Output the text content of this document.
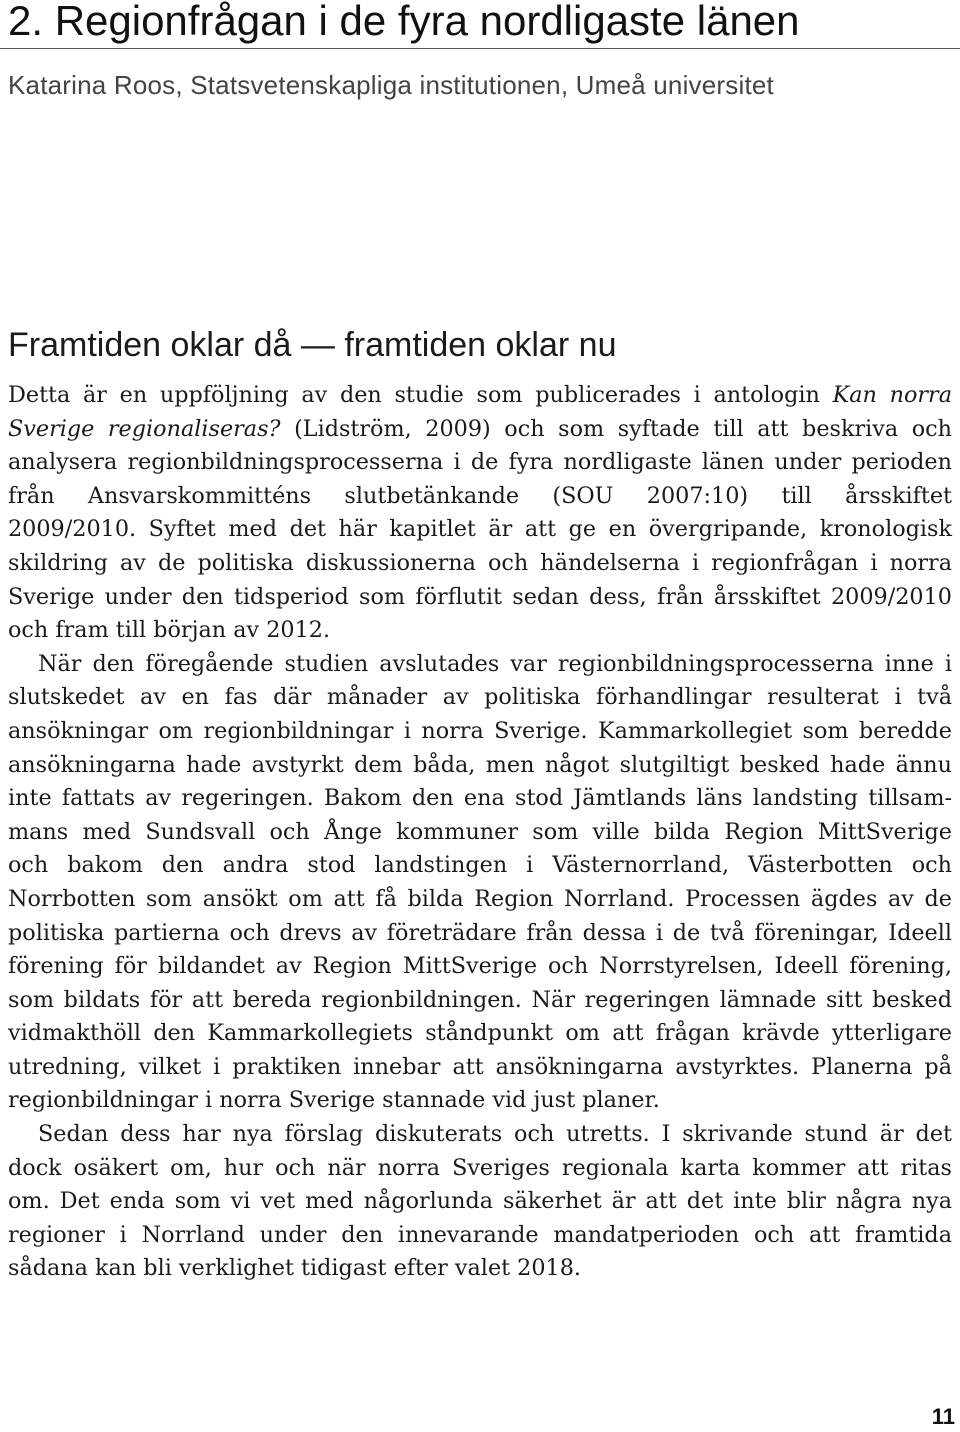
2. Regionfrågan i de fyra nordligaste länen

Katarina Roos, Statsvetenskapliga institutionen, Umeå universitet

Framtiden oklar då — framtiden oklar nu
Detta är en uppföljning av den studie som publicerades i antologin Kan norra
Sverige regionaliseras? (Lidström, 2009) och som syftade till att beskriva och
analysera regionbildningsprocesserna i de fyra nordligaste länen under perioden
från Ansvarskommitténs slutbetänkande (SOU 2007:10) till årsskiftet
2009/2010. Syftet med det här kapitlet är att ge en övergripande, kronologisk
skildring av de politiska diskussionerna och händelserna i regionfrågan i norra
Sverige under den tidsperiod som förflutit sedan dess, från årsskiftet 2009/2010
och fram till början av 2012.
När den föregående studien avslutades var regionbildningsprocesserna inne i
slutskedet av en fas där månader av politiska förhandlingar resulterat i två
ansökningar om regionbildningar i norra Sverige. Kammarkollegiet som beredde
ansökningarna hade avstyrkt dem båda, men något slutgiltigt besked hade ännu
inte fattats av regeringen. Bakom den ena stod Jämtlands läns landsting tillsam-
mans med Sundsvall och Ånge kommuner som ville bilda Region MittSverige
och bakom den andra stod landstingen i Västernorrland, Västerbotten och
Norrbotten som ansökt om att få bilda Region Norrland. Processen ägdes av de
politiska partierna och drevs av företrädare från dessa i de två föreningar, Ideell
förening för bildandet av Region MittSverige och Norrstyrelsen, Ideell förening,
som bildats för att bereda regionbildningen. När regeringen lämnade sitt besked
vidmakthöll den Kammarkollegiets ståndpunkt om att frågan krävde ytterligare
utredning, vilket i praktiken innebar att ansökningarna avstyrktes. Planerna på
regionbildningar i norra Sverige stannade vid just planer.
Sedan dess har nya förslag diskuterats och utretts. I skrivande stund är det
dock osäkert om, hur och när norra Sveriges regionala karta kommer att ritas
om. Det enda som vi vet med någorlunda säkerhet är att det inte blir några nya
regioner i Norrland under den innevarande mandatperioden och att framtida
sådana kan bli verklighet tidigast efter valet 2018.
11
